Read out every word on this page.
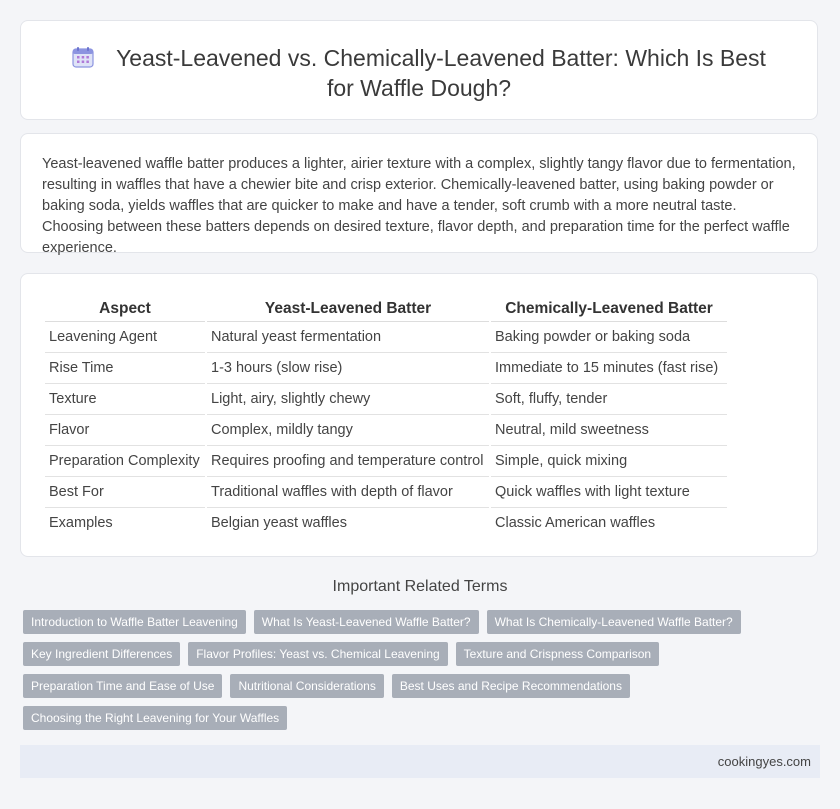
Yeast-Leavened vs. Chemically-Leavened Batter: Which Is Best for Waffle Dough?
Yeast-leavened waffle batter produces a lighter, airier texture with a complex, slightly tangy flavor due to fermentation, resulting in waffles that have a chewier bite and crisp exterior. Chemically-leavened batter, using baking powder or baking soda, yields waffles that are quicker to make and have a tender, soft crumb with a more neutral taste. Choosing between these batters depends on desired texture, flavor depth, and preparation time for the perfect waffle experience.
Aspect	Yeast-Leavened Batter	Chemically-Leavened Batter
Leavening Agent	Natural yeast fermentation	Baking powder or baking soda
Rise Time	1-3 hours (slow rise)	Immediate to 15 minutes (fast rise)
Texture	Light, airy, slightly chewy	Soft, fluffy, tender
Flavor	Complex, mildly tangy	Neutral, mild sweetness
Preparation Complexity	Requires proofing and temperature control	Simple, quick mixing
Best For	Traditional waffles with depth of flavor	Quick waffles with light texture
Examples	Belgian yeast waffles	Classic American waffles
Important Related Terms
Introduction to Waffle Batter Leavening	What Is Yeast-Leavened Waffle Batter?	What Is Chemically-Leavened Waffle Batter?
Key Ingredient Differences	Flavor Profiles: Yeast vs. Chemical Leavening	Texture and Crispness Comparison
Preparation Time and Ease of Use	Nutritional Considerations	Best Uses and Recipe Recommendations
Choosing the Right Leavening for Your Waffles
cookingyes.com
